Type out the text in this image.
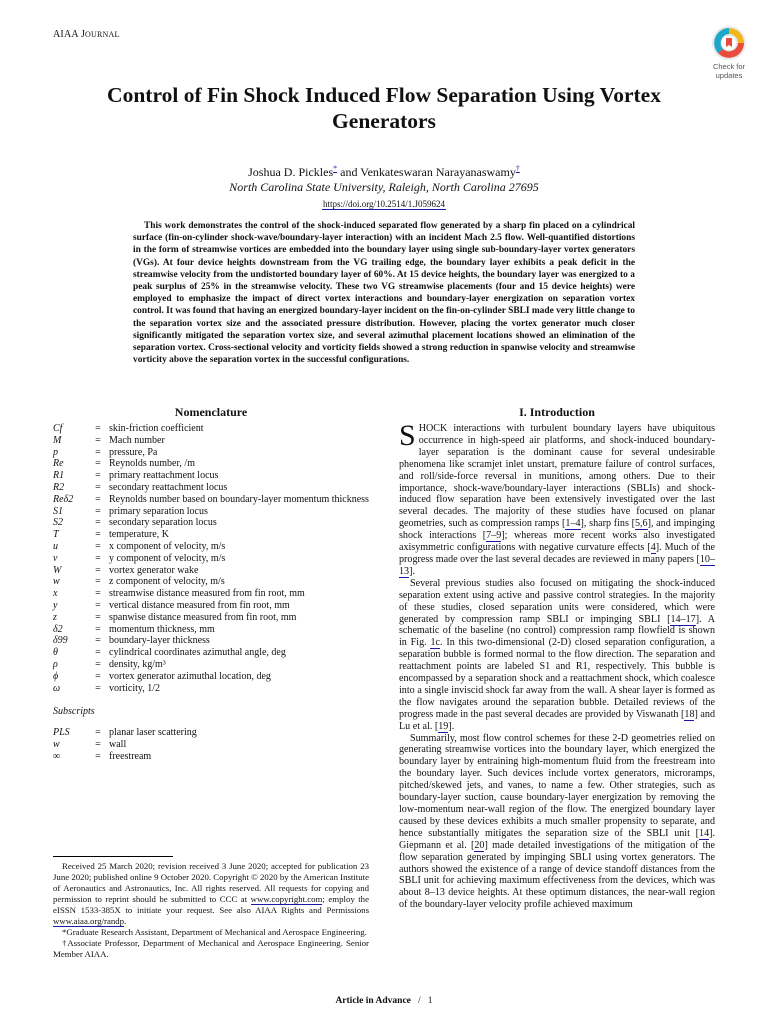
AIAA JOURNAL
Check for
updates
Control of Fin Shock Induced Flow Separation Using Vortex Generators
Joshua D. Pickles* and Venkateswaran Narayanaswamy†
North Carolina State University, Raleigh, North Carolina 27695
https://doi.org/10.2514/1.J059624
This work demonstrates the control of the shock-induced separated flow generated by a sharp fin placed on a cylindrical surface (fin-on-cylinder shock-wave/boundary-layer interaction) with an incident Mach 2.5 flow. Well-quantified distortions in the form of streamwise vortices are embedded into the boundary layer using single sub-boundary-layer vortex generators (VGs). At four device heights downstream from the VG trailing edge, the boundary layer exhibits a peak deficit in the streamwise velocity from the undistorted boundary layer of 60%. At 15 device heights, the boundary layer was energized to a peak surplus of 25% in the streamwise velocity. These two VG streamwise placements (four and 15 device heights) were employed to emphasize the impact of direct vortex interactions and boundary-layer energization on separation vortex control. It was found that having an energized boundary-layer incident on the fin-on-cylinder SBLI made very little change to the separation vortex size and the associated pressure distribution. However, placing the vortex generator much closer significantly mitigated the separation vortex size, and several azimuthal placement locations showed an elimination of the separation vortex. Cross-sectional velocity and vorticity fields showed a strong reduction in spanwise velocity and streamwise vorticity above the separation vortex in the successful configurations.
Nomenclature
Cf	= skin-friction coefficient
M	= Mach number
p	= pressure, Pa
Re	= Reynolds number, /m
R1	= primary reattachment locus
R2	= secondary reattachment locus
Reδ2	= Reynolds number based on boundary-layer momentum thickness
S1	= primary separation locus
S2	= secondary separation locus
T	= temperature, K
u	= x component of velocity, m/s
v	= y component of velocity, m/s
W	= vortex generator wake
w	= z component of velocity, m/s
x	= streamwise distance measured from fin root, mm
y	= vertical distance measured from fin root, mm
z	= spanwise distance measured from fin root, mm
δ2	= momentum thickness, mm
δ99	= boundary-layer thickness
θ	= cylindrical coordinates azimuthal angle, deg
ρ	= density, kg/m³
ϕ	= vortex generator azimuthal location, deg
ω	= vorticity, 1/2
Subscripts
PLS	= planar laser scattering
w	= wall
∞	= freestream
I. Introduction

SHOCK interactions with turbulent boundary layers have ubiquitous occurrence in high-speed air platforms, and shock-induced boundary-layer separation is the dominant cause for several undesirable phenomena like scramjet inlet unstart, premature failure of control surfaces, and roll/side-force reversal in munitions, among others. Due to their importance, shock-wave/boundary-layer interactions (SBLIs) and shock-induced flow separation have been extensively investigated over the last several decades. The majority of these studies have focused on planar geometries, such as compression ramps [1–4], sharp fins [5,6], and impinging shock interactions [7–9]; whereas more recent works also investigated axisymmetric configurations with negative curvature effects [4]. Much of the progress made over the last several decades are reviewed in many papers [10–13].

Several previous studies also focused on mitigating the shock-induced separation extent using active and passive control strategies. In the majority of these studies, closed separation units were considered, which were generated by compression ramp SBLI or impinging SBLI [14–17]. A schematic of the baseline (no control) compression ramp flowfield is shown in Fig. 1c. In this two-dimensional (2-D) closed separation configuration, a separation bubble is formed normal to the flow direction. The separation and reattachment points are labeled S1 and R1, respectively. This bubble is encompassed by a separation shock and a reattachment shock, which coalesce into a single inviscid shock far away from the wall. A shear layer is formed as the flow navigates around the separation bubble. Detailed reviews of the progress made in the past several decades are provided by Viswanath [18] and Lu et al. [19].

Summarily, most flow control schemes for these 2-D geometries relied on generating streamwise vortices into the boundary layer, which energized the boundary layer by entraining high-momentum fluid from the freestream into the boundary layer. Such devices include vortex generators, microramps, pitched/skewed jets, and vanes, to name a few. Other strategies, such as boundary-layer suction, cause boundary-layer energization by removing the low-momentum near-wall region of the flow. The energized boundary layer caused by these devices exhibits a much smaller propensity to separate, and hence substantially mitigates the separation size of the SBLI unit [14]. Giepmann et al. [20] made detailed investigations of the mitigation of the flow separation generated by impinging SBLI using vortex generators. The authors showed the existence of a range of device standoff distances from the SBLI unit for achieving maximum effectiveness from the devices, which was about 8–13 device heights. At these optimum distances, the near-wall region of the boundary-layer velocity profile achieved maximum

Received 25 March 2020; revision received 3 June 2020; accepted for publication 23 June 2020; published online 9 October 2020. Copyright © 2020 by the American Institute of Aeronautics and Astronautics, Inc. All rights reserved. All requests for copying and permission to reprint should be submitted to CCC at www.copyright.com; employ the eISSN 1533-385X to initiate your request. See also AIAA Rights and Permissions www.aiaa.org/randp.

*Graduate Research Assistant, Department of Mechanical and Aerospace Engineering.

†Associate Professor, Department of Mechanical and Aerospace Engineering. Senior Member AIAA.

Article in Advance / 1
